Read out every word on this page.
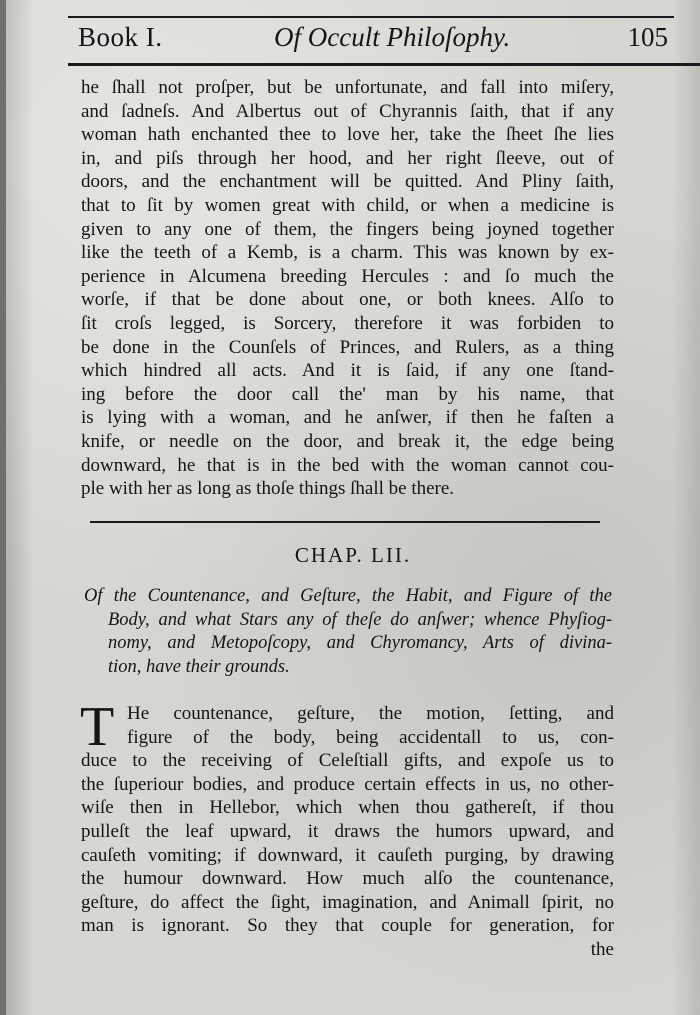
Book I.	Of Occult Philoſophy.	105
he ſhall not proſper, but be unfortunate, and fall into miſery,
and ſadneſs. And Albertus out of Chyrannis ſaith, that if any
woman hath enchanted thee to love her, take the ſheet ſhe lies
in, and piſs through her hood, and her right ſleeve, out of
doors, and the enchantment will be quitted. And Pliny ſaith,
that to ſit by women great with child, or when a medicine is
given to any one of them, the fingers being joyned together
like the teeth of a Kemb, is a charm. This was known by ex-
perience in Alcumena breeding Hercules : and ſo much the
worſe, if that be done about one, or both knees. Alſo to
ſit croſs legged, is Sorcery, therefore it was forbiden to
be done in the Counſels of Princes, and Rulers, as a thing
which hindred all acts. And it is ſaid, if any one ſtand-
ing before the door call the' man by his name, that
is lying with a woman, and he anſwer, if then he faſten a
knife, or needle on the door, and break it, the edge being
downward, he that is in the bed with the woman cannot cou-
ple with her as long as thoſe things ſhall be there.
CHAP. LII.
Of the Countenance, and Geſture, the Habit, and Figure of the
Body, and what Stars any of theſe do anſwer; whence Phyſiog-
nomy, and Metopoſcopy, and Chyromancy, Arts of divina-
tion, have their grounds.
T He countenance, geſture, the motion, ſetting, and
figure of the body, being accidentall to us, con-
duce to the receiving of Celeſtiall gifts, and expoſe us to
the ſuperiour bodies, and produce certain effects in us, no other-
wiſe then in Hellebor, which when thou gathereſt, if thou
pulleſt the leaf upward, it draws the humors upward, and
cauſeth vomiting; if downward, it cauſeth purging, by drawing
the humour downward. How much alſo the countenance,
geſture, do affect the ſight, imagination, and Animall ſpirit, no
man is ignorant. So they that couple for generation, for
the
